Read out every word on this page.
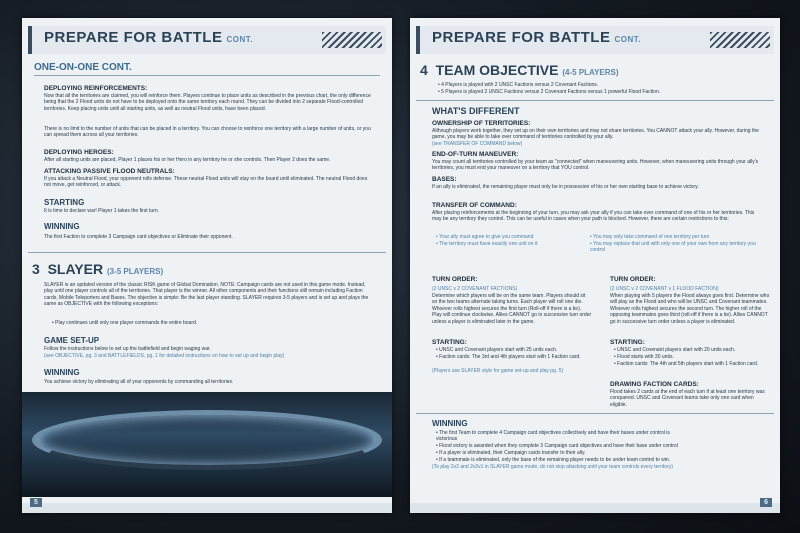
PREPARE FOR BATTLE CONT.
ONE-ON-ONE CONT.
DEPLOYING REINFORCEMENTS:
Now that all the territories are claimed, you will reinforce them. Players continue to place units as described in the previous chart, the only difference being that the 2 Flood units do not have to be deployed onto the same territory each round. They can be divided into 2 separate Flood-controlled territories. Keep placing units until all starting units, as well as neutral Flood units, have been placed.
There is no limit to the number of units that can be placed in a territory. You can choose to reinforce one territory with a large number of units, or you can spread them across all your territories.
DEPLOYING HEROES:
After all starting units are placed, Player 1 places his or her Hero in any territory he or she controls. Then Player 2 does the same.
ATTACKING PASSIVE FLOOD NEUTRALS:
If you attack a Neutral Flood, your opponent rolls defense. These neutral Flood units will stay on the board until eliminated. The neutral Flood does not move, get reinforced, or attack.
STARTING
It is time to declare war! Player 1 takes the first turn.
WINNING
The first Faction to complete 3 Campaign card objectives or Eliminate their opponent.
3 SLAYER (3-5 PLAYERS)
SLAYER is an updated version of the classic RISK game of Global Domination. NOTE: Campaign cards are not used in this game mode. Instead, play until one player controls all of the territories. That player is the winner. All other components and their functions still remain including Faction cards, Mobile Teleporters and Bases. The objective is simple: Be the last player standing. SLAYER requires 3-5 players and is set up and plays the same as OBJECTIVE with the following exceptions:
• Play continues until only one player commands the entire board.
GAME SET-UP
Follow the instructions below to set up the battlefield and begin waging war.
(see OBJECTIVE, pg. 3 and BATTLEFIELDS, pg. 1 for detailed instructions on how to set up and begin play)
WINNING
You achieve victory by eliminating all of your opponents by commanding all territories.
5
PREPARE FOR BATTLE CONT.
4 TEAM OBJECTIVE (4-5 PLAYERS)
• 4 Players is played with 2 UNSC Factions versus 2 Covenant Factions.
• 5 Players is played 2 UNSC Factions versus 2 Covenant Factions versus 1 powerful Flood Faction.
WHAT'S DIFFERENT
OWNERSHIP OF TERRITORIES:
Although players work together, they set up on their own territories and may not share territories. You CANNOT attack your ally. However, during the game, you may be able to take over command of territories controlled by your ally.
(see TRANSFER OF COMMAND below)
END-OF-TURN MANEUVER:
You may count all territories controlled by your team as "connected" when maneuvering units. However, when maneuvering units through your ally's territories, you must end your maneuver on a territory that YOU control.
BASES:
If an ally is eliminated, the remaining player must only be in possession of his or her own starting base to achieve victory.
TRANSFER OF COMMAND:
After placing reinforcements at the beginning of your turn, you may ask your ally if you can take over command of one of his or her territories. This may be any territory they control. This can be useful in cases when your path is blocked. However, there are certain restrictions to this:
• Your ally must agree to give you command
• The territory must have exactly one unit on it
• You may only take command of one territory per turn
• You may replace that unit with only one of your own from any territory you control
TURN ORDER:
(2 UNSC v 2 COVENANT FACTIONS)
Determine which players will be on the same team. Players should sit so the two teams alternate taking turns. Each player will roll one die. Whoever rolls highest secures the first turn (Roll-off if there is a tie). Play will continue clockwise. Allies CANNOT go in successive turn order unless a player is eliminated later in the game.
STARTING:
• UNSC and Covenant players start with 25 units each.
• Faction cards: The 3rd and 4th players start with 1 Faction card.
(Players use SLAYER style for game set-up and play pg. 5)
TURN ORDER:
(2 UNSC v 2 COVENANT v 1 FLOOD FACTION)
When playing with 5 players the Flood always goes first. Determine who will play as the Flood and who will be UNSC and Covenant teammates. Whoever rolls highest secures the second turn. The higher roll of the opposing teammates goes third (roll-off if there is a tie). Allies CANNOT go in successive turn order unless a player is eliminated.
STARTING:
• UNSC and Covenant players start with 20 units each.
• Flood starts with 30 units.
• Faction cards: The 4th and 5th players start with 1 Faction card.
DRAWING FACTION CARDS:
Flood takes 2 cards at the end of each turn if at least one territory was conquered. UNSC and Covenant teams take only one card when eligible.
WINNING
• The first Team to complete 4 Campaign card objectives collectively and have their bases under control is victorious
• Flood victory is awarded when they complete 3 Campaign card objectives and have their base under control
• If a player is eliminated, their Campaign cards transfer to their ally.
• If a teammate is eliminated, only the base of the remaining player needs to be under team control to win.
(To play 2v2 and 2v2v1 in SLAYER game mode, do not stop attacking until your team controls every territory)
6
